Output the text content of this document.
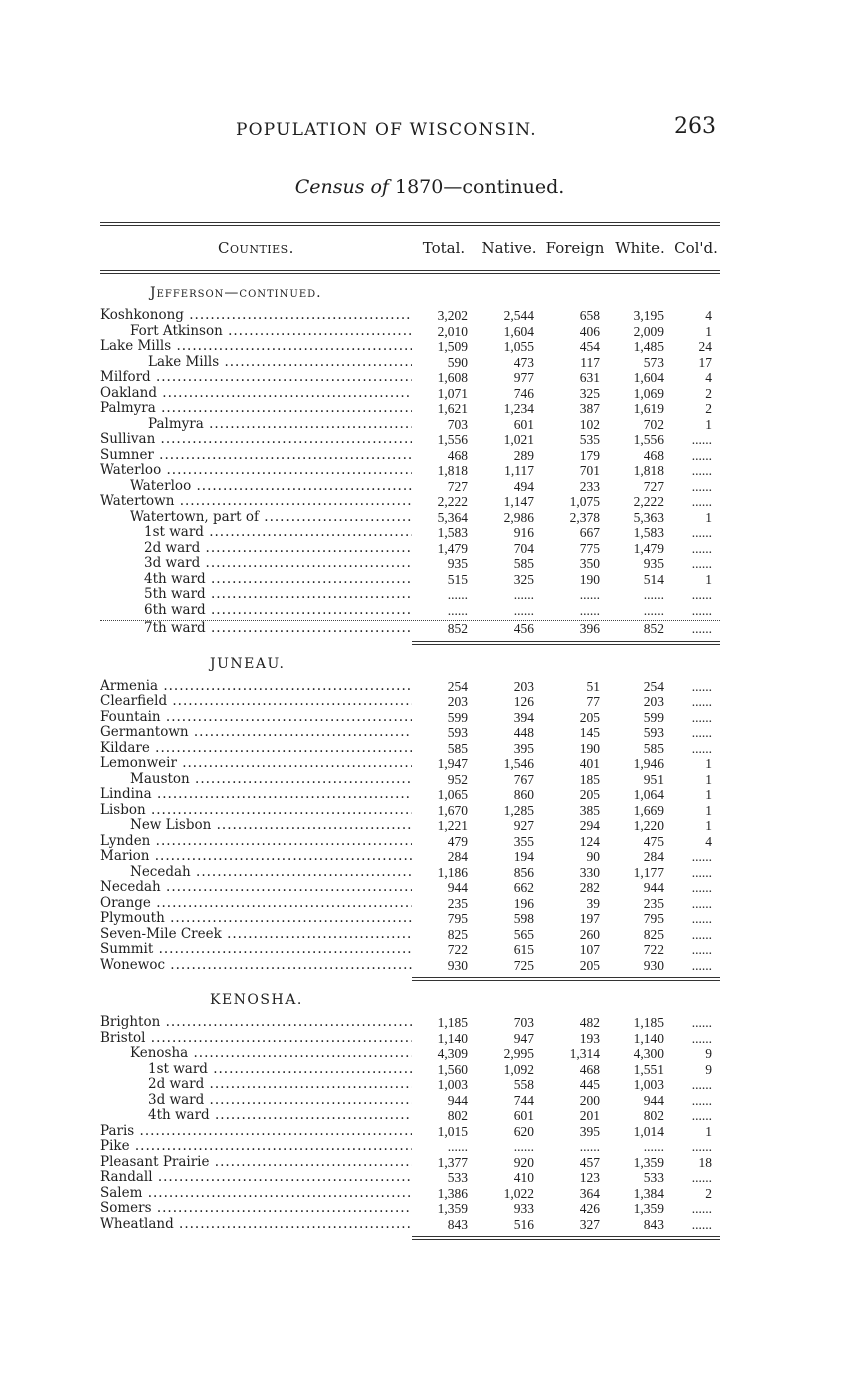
POPULATION OF WISCONSIN.	263
Census of 1870—continued.
Counties.	Total.	Native. Foreign White. Col'd.
Jefferson—continued.
Koshkonong .....	3,202	2,544	658	3,195	4
Fort Atkinson .....	2,010	1,604	406	2,009	1
Lake Mills .....	1,509	1,055	454	1,485	24
Lake Mills .....	590	473	117	573	17
Milford .....	1,608	977	631	1,604	4
Oakland .....	1,071	746	325	1,069	2
Palmyra .....	1,621	1,234	387	1,619	2
Palmyra .....	703	601	102	702	1
Sullivan .....	1,556	1,021	535	1,556	......
Sumner .....	468	289	179	468	......
Waterloo .....	1,818	1,117	701	1,818	......
Waterloo .....	727	494	233	727	......
Watertown .....	2,222	1,147	1,075	2,222	......
Watertown, part of .....	5,364	2,986	2,378	5,363	1
1st ward .....	1,583	916	667	1,583	......
2d ward .....	1,479	704	775	1,479	......
3d ward .....	935	585	350	935	......
4th ward .....	515	325	190	514	1
5th ward .....	......	......	......	......	......
6th ward .....	......	......	......	......	......
7th ward .....	852	456	396	852	......
JUNEAU.
Armenia .....	254	203	51	254	......
Clearfield .....	203	126	77	203	......
Fountain .....	599	394	205	599	......
Germantown .....	593	448	145	593	......
Kildare .....	585	395	190	585	......
Lemonweir .....	1,947	1,546	401	1,946	1
Mauston .....	952	767	185	951	1
Lindina .....	1,065	860	205	1,064	1
Lisbon .....	1,670	1,285	385	1,669	1
New Lisbon .....	1,221	927	294	1,220	1
Lynden .....	479	355	124	475	4
Marion .....	284	194	90	284	......
Necedah .....	1,186	856	330	1,177	......
Necedah .....	944	662	282	944	......
Orange .....	235	196	39	235	......
Plymouth .....	795	598	197	795	......
Seven-Mile Creek .....	825	565	260	825	......
Summit .....	722	615	107	722	......
Wonewoc .....	930	725	205	930	......
KENOSHA.
Brighton .....	1,185	703	482	1,185	......
Bristol .....	1,140	947	193	1,140	......
Kenosha .....	4,309	2,995	1,314	4,300	9
1st ward .....	1,560	1,092	468	1,551	9
2d ward .....	1,003	558	445	1,003	......
3d ward .....	944	744	200	944	......
4th ward .....	802	601	201	802	......
Paris .....	1,015	620	395	1,014	1
Pike .....	......	......	......	......	......
Pleasant Prairie .....	1,377	920	457	1,359	18
Randall .....	533	410	123	533	......
Salem .....	1,386	1,022	364	1,384	2
Somers .....	1,359	933	426	1,359	......
Wheatland .....	843	516	327	843	......
